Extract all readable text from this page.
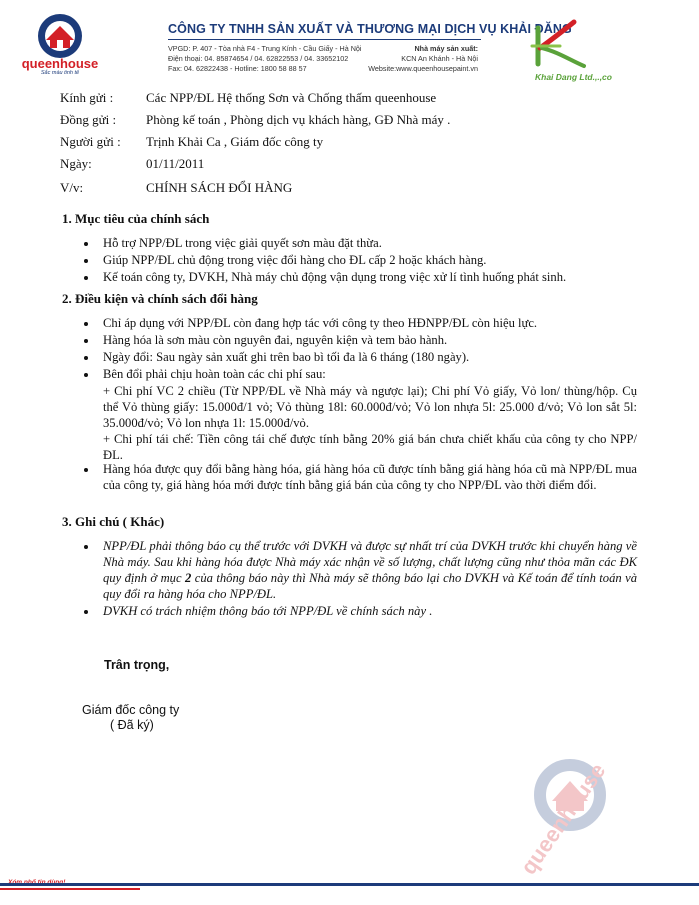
queenhouse
Sắc màu tinh tế
CÔNG TY TNHH SẢN XUẤT VÀ THƯƠNG MẠI DỊCH VỤ KHẢI ĐĂNG
VPGD: P. 407 - Tòa nhà F4 - Trung Kính - Cầu Giấy - Hà Nội
Điện thoại: 04. 85874654 / 04. 62822553 / 04. 33652102
Fax: 04. 62822438 - Hotline: 1800 58 88 57
Nhà máy sản xuất:
KCN An Khánh - Hà Nội
Website:www.queenhousepaint.vn
Khai Dang Ltd.,.,co
Kính gửi :	Các NPP/ĐL Hệ thống Sơn và Chống thấm queenhouse
Đồng gửi : Phòng kế toán , Phòng dịch vụ khách hàng, GĐ Nhà máy .
Người gửi : Trịnh Khải Ca , Giám đốc công ty
Ngày:	01/11/2011
V/v:	CHÍNH SÁCH ĐỔI HÀNG
1. Mục tiêu của chính sách
Hỗ trợ NPP/ĐL trong việc giải quyết sơn màu đặt thừa.
Giúp NPP/ĐL chủ động trong việc đổi hàng cho ĐL cấp 2 hoặc khách hàng.
Kế toán công ty, DVKH, Nhà máy chủ động vận dụng trong việc xử lí tình huống phát sinh.
2. Điều kiện và chính sách đổi hàng
Chỉ áp dụng với NPP/ĐL còn đang hợp tác với công ty theo HĐNPP/ĐL còn hiệu lực.
Hàng hóa là sơn màu còn nguyên đai, nguyên kiện và tem bảo hành.
Ngày đổi: Sau ngày sản xuất ghi trên bao bì tối đa là 6 tháng (180 ngày).
Bên đổi phải chịu hoàn toàn các chi phí sau:
+ Chi phí VC 2 chiều (Từ NPP/ĐL về Nhà máy và ngược lại); Chi phí Vỏ giấy, Vỏ lon/ thùng/hộp. Cụ thể Vỏ thùng giấy: 15.000đ/1 vỏ; Vỏ thùng 18l: 60.000đ/vỏ; Vỏ lon nhựa 5l: 25.000 đ/vỏ; Vỏ lon sắt 5l: 35.000đ/vỏ; Vỏ lon nhựa 1l: 15.000đ/vỏ.
+ Chi phí tái chế: Tiền công tái chế được tính bằng 20% giá bán chưa chiết khấu của công ty cho NPP/ĐL.
Hàng hóa được quy đổi bằng hàng hóa, giá hàng hóa cũ được tính bằng giá hàng hóa cũ mà NPP/ĐL mua của công ty, giá hàng hóa mới được tính bằng giá bán của công ty cho NPP/ĐL vào thời điểm đổi.
3. Ghi chú ( Khác)
NPP/ĐL phải thông báo cụ thể trước với DVKH và được sự nhất trí của DVKH trước khi chuyển hàng về Nhà máy. Sau khi hàng hóa được Nhà máy xác nhận về số lượng, chất lượng cũng như thỏa mãn các ĐK quy định ở mục 2 của thông báo này thì Nhà máy sẽ thông báo lại cho DVKH và Kế toán để tính toán và quy đổi ra hàng hóa cho NPP/ĐL.
DVKH có trách nhiệm thông báo tới NPP/ĐL về chính sách này .
Trân trọng,
Giám đốc công ty
( Đã ký)
queenhouse
